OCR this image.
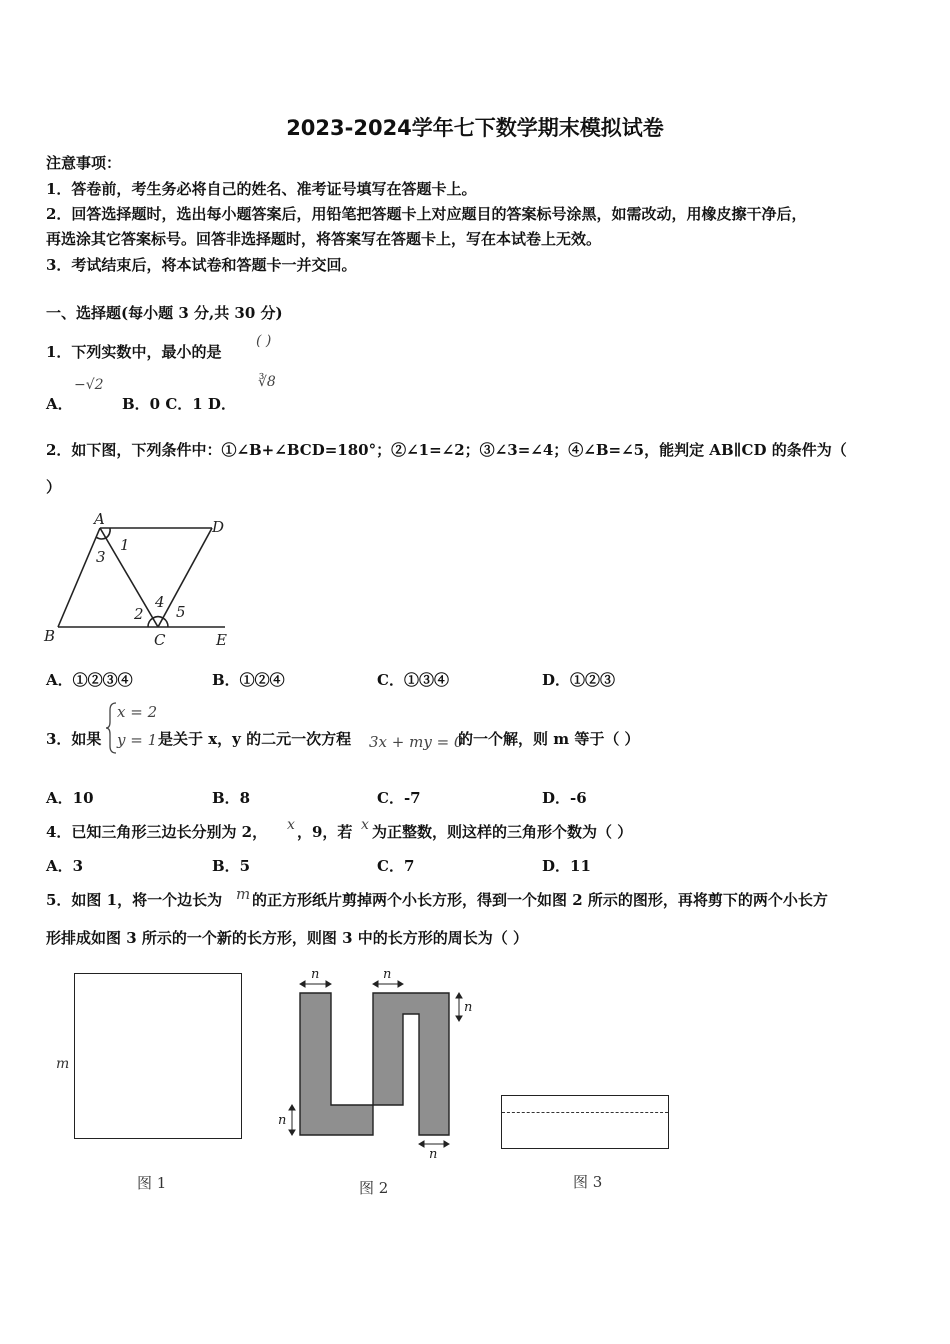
2023-2024学年七下数学期末模拟试卷
注意事项：
1．答卷前，考生务必将自己的姓名、准考证号填写在答题卡上。
2．回答选择题时，选出每小题答案后，用铅笔把答题卡上对应题目的答案标号涂黑，如需改动，用橡皮擦干净后，
再选涂其它答案标号。回答非选择题时，将答案写在答题卡上，写在本试卷上无效。
3．考试结束后，将本试卷和答题卡一并交回。
一、选择题(每小题 3 分,共 30 分)
1．下列实数中，最小的是
( )
A．
−√2
B．0 C．1 D．
∛8
2．如下图，下列条件中：①∠B+∠BCD=180°；②∠1=∠2；③∠3=∠4；④∠B=∠5，能判定 AB∥CD 的条件为（
）
A	D
B	C	E
1
3
2
4
5
A．①②③④	B．①②④	C．①③④	D．①②③
3．如果
x = 2
y = 1 是关于 x，y 的二元一次方程 3x + my = 0
的一个解，则 m 等于（ ）
A．10	B．8	C．-7	D．-6
4．已知三角形三边长分别为 2， x ，9，若 x 为正整数，则这样的三角形个数为（ ）
A．3	B．5	C．7	D．11
5．如图 1，将一个边长为 m 的正方形纸片剪掉两个小长方形，得到一个如图 2 所示的图形，再将剪下的两个小长方
形排成如图 3 所示的一个新的长方形，则图 3 中的长方形的周长为（ ）
m
图 1
n	n
n
n
n
图 2	图 3
